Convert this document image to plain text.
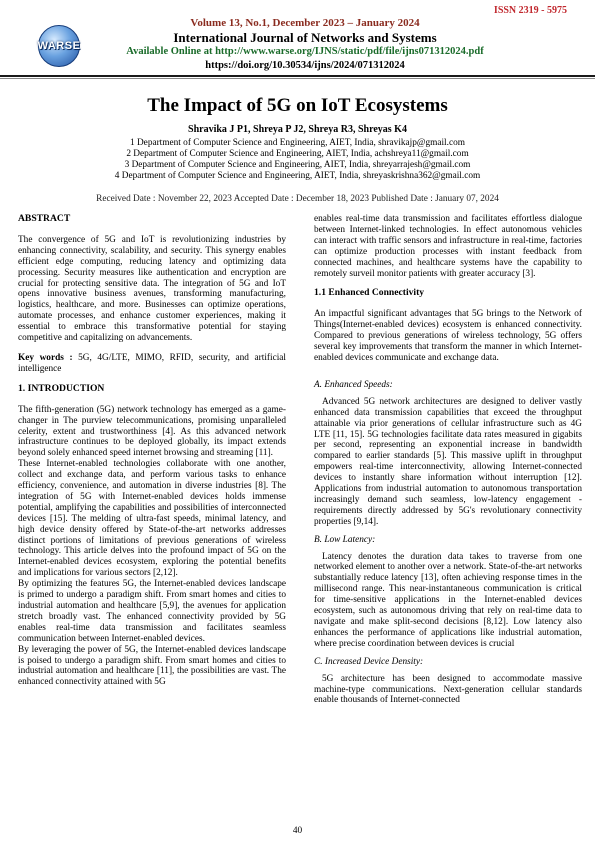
ISSN 2319 - 5975
WARSE
Volume 13, No.1, December 2023 – January 2024
International Journal of Networks and Systems
Available Online at http://www.warse.org/IJNS/static/pdf/file/ijns071312024.pdf
https://doi.org/10.30534/ijns/2024/071312024
The Impact of 5G on IoT Ecosystems
Shravika J P1, Shreya P J2, Shreya R3, Shreyas K4
1 Department of Computer Science and Engineering, AIET, India, shravikajp@gmail.com
2 Department of Computer Science and Engineering, AIET, India, achshreya11@gmail.com
3 Department of Computer Science and Engineering, AIET, India, shreyarrajesh@gmail.com
4 Department of Computer Science and Engineering, AIET, India, shreyaskrishna362@gmail.com
Received Date : November 22, 2023 Accepted Date : December 18, 2023 Published Date : January 07, 2024
ABSTRACT

The convergence of 5G and IoT is revolutionizing industries by enhancing connectivity, scalability, and security. This synergy enables efficient edge computing, reducing latency and optimizing data processing. Security measures like authentication and encryption are crucial for protecting sensitive data. The integration of 5G and IoT opens innovative business avenues, transforming manufacturing, logistics, healthcare, and more. Businesses can optimize operations, automate processes, and enhance customer experiences, making it essential to embrace this transformative potential for staying competitive and capitalizing on advancements.

Key words : 5G, 4G/LTE, MIMO, RFID, security, and artificial intelligence

1. INTRODUCTION

The fifth-generation (5G) network technology has emerged as a game-changer in The purview telecommunications, promising unparalleled celerity, extent and trustworthiness [4]. As this advanced network infrastructure continues to be deployed globally, its impact extends beyond solely enhanced speed internet browsing and streaming [11].

These Internet-enabled technologies collaborate with one another, collect and exchange data, and perform various tasks to enhance efficiency, convenience, and automation in diverse industries [8]. The integration of 5G with Internet-enabled devices holds immense potential, amplifying the capabilities and possibilities of interconnected devices [15]. The melding of ultra-fast speeds, minimal latency, and high device density offered by State-of-the-art networks addresses distinct portions of limitations of previous generations of wireless technology. This article delves into the profound impact of 5G on the Internet-enabled devices ecosystem, exploring the potential benefits and implications for various sectors [2,12].

By optimizing the features 5G, the Internet-enabled devices landscape is primed to undergo a paradigm shift. From smart homes and cities to industrial automation and healthcare [5,9], the avenues for application stretch broadly vast. The enhanced connectivity provided by 5G enables real-time data transmission and facilitates seamless communication between Internet-enabled devices.

By leveraging the power of 5G, the Internet-enabled devices landscape is poised to undergo a paradigm shift. From smart homes and cities to industrial automation and healthcare [11], the possibilities are vast. The enhanced connectivity attained with 5G

enables real-time data transmission and facilitates effortless dialogue between Internet-linked technologies. In effect autonomous vehicles can interact with traffic sensors and infrastructure in real-time, factories can optimize production processes with instant feedback from connected machines, and healthcare systems have the capability to remotely surveil monitor patients with greater accuracy [3].

1.1 Enhanced Connectivity

An impactful significant advantages that 5G brings to the Network of Things(Internet-enabled devices) ecosystem is enhanced connectivity. Compared to previous generations of wireless technology, 5G offers several key improvements that transform the manner in which Internet- enabled devices communicate and exchange data.

A. Enhanced Speeds:

Advanced 5G network architectures are designed to deliver vastly enhanced data transmission capabilities that exceed the throughput attainable via prior generations of cellular infrastructure such as 4G LTE [11, 15]. 5G technologies facilitate data rates measured in gigabits per second, representing an exponential increase in bandwidth compared to earlier standards [5]. This massive uplift in throughput empowers real-time interconnectivity, allowing Internet-connected devices to instantly share information without interruption [12]. Applications from industrial automation to autonomous transportation increasingly demand such seamless, low-latency engagement - requirements directly addressed by 5G's revolutionary connectivity properties [9,14].

B. Low Latency:

Latency denotes the duration data takes to traverse from one networked element to another over a network. State-of-the-art networks substantially reduce latency [13], often achieving response times in the millisecond range. This near-instantaneous communication is critical for time-sensitive applications in the Internet-enabled devices ecosystem, such as autonomous driving that rely on real-time data to navigate and make split-second decisions [8,12]. Low latency also enhances the performance of applications like industrial automation, where precise coordination between devices is crucial

C. Increased Device Density:

5G architecture has been designed to accommodate massive machine-type communications. Next-generation cellular standards enable thousands of Internet-connected

40
